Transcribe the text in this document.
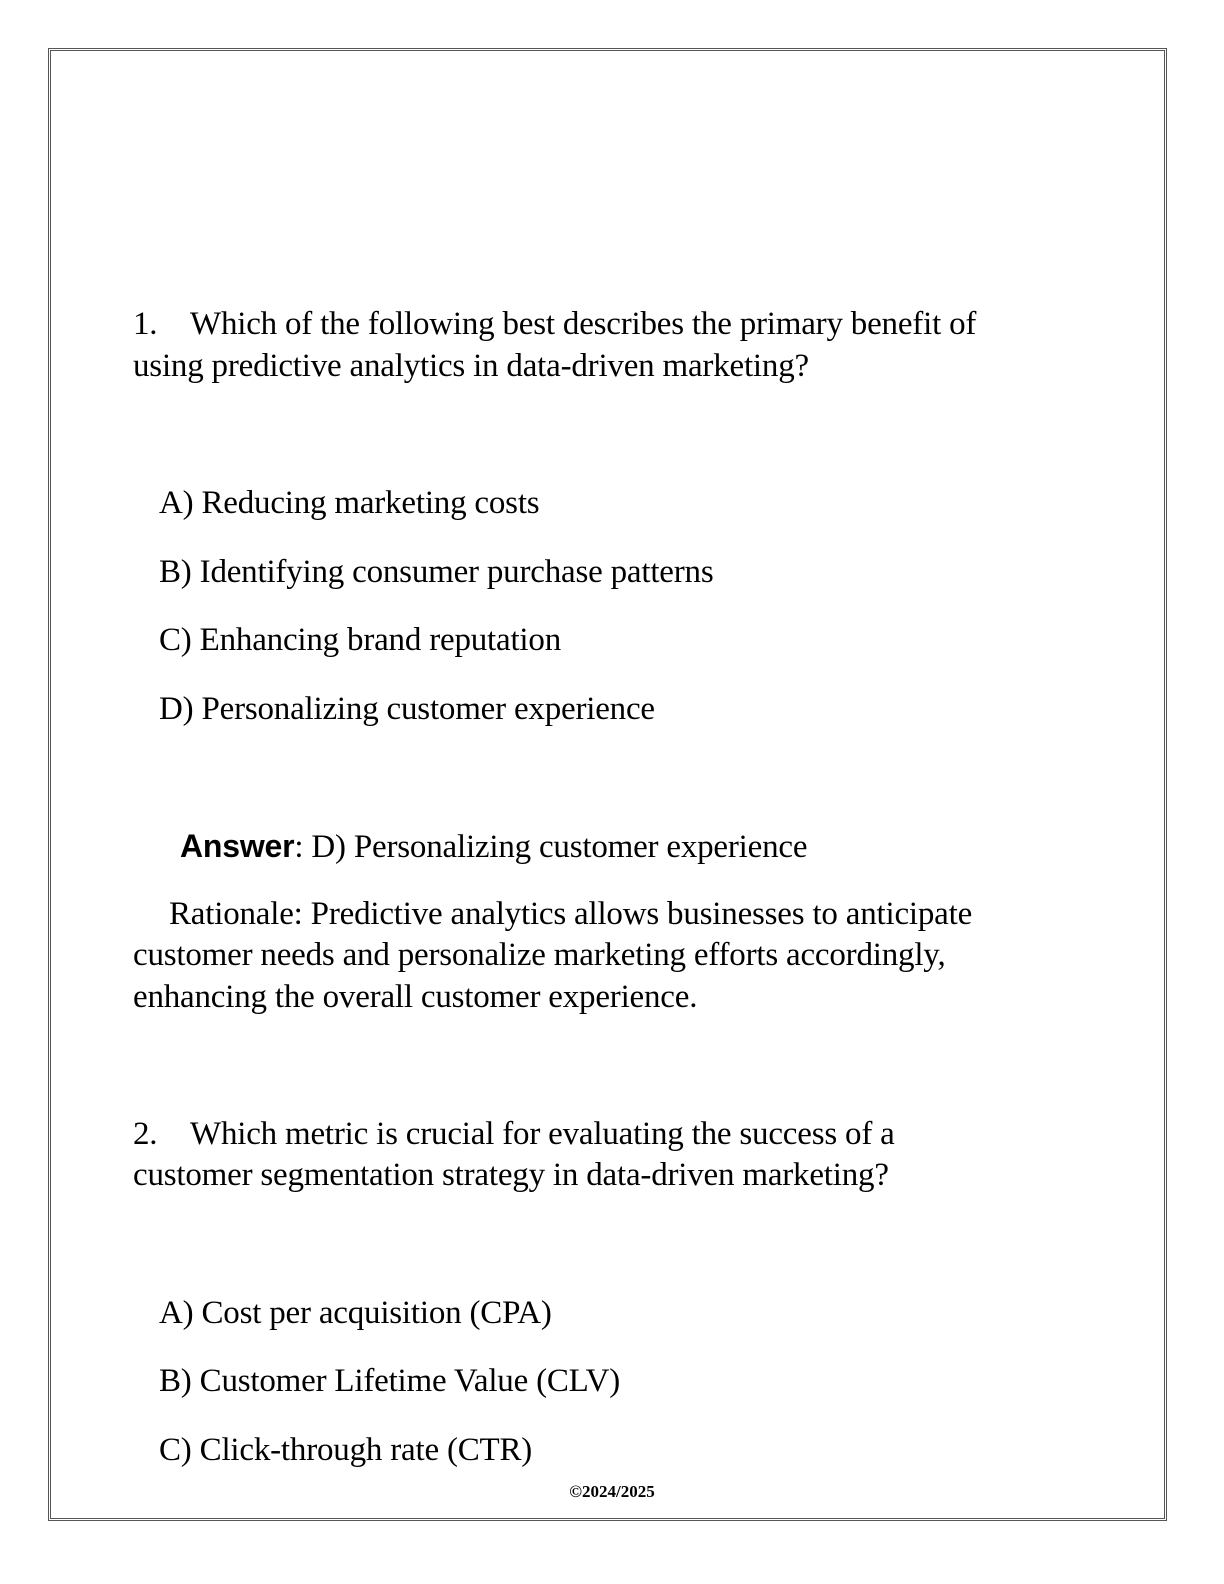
1. Which of the following best describes the primary benefit of
using predictive analytics in data-driven marketing?
A) Reducing marketing costs
B) Identifying consumer purchase patterns
C) Enhancing brand reputation
D) Personalizing customer experience
Answer: D) Personalizing customer experience
Rationale: Predictive analytics allows businesses to anticipate
customer needs and personalize marketing efforts accordingly,
enhancing the overall customer experience.
2. Which metric is crucial for evaluating the success of a
customer segmentation strategy in data-driven marketing?
A) Cost per acquisition (CPA)
B) Customer Lifetime Value (CLV)
C) Click-through rate (CTR)
©2024/2025
